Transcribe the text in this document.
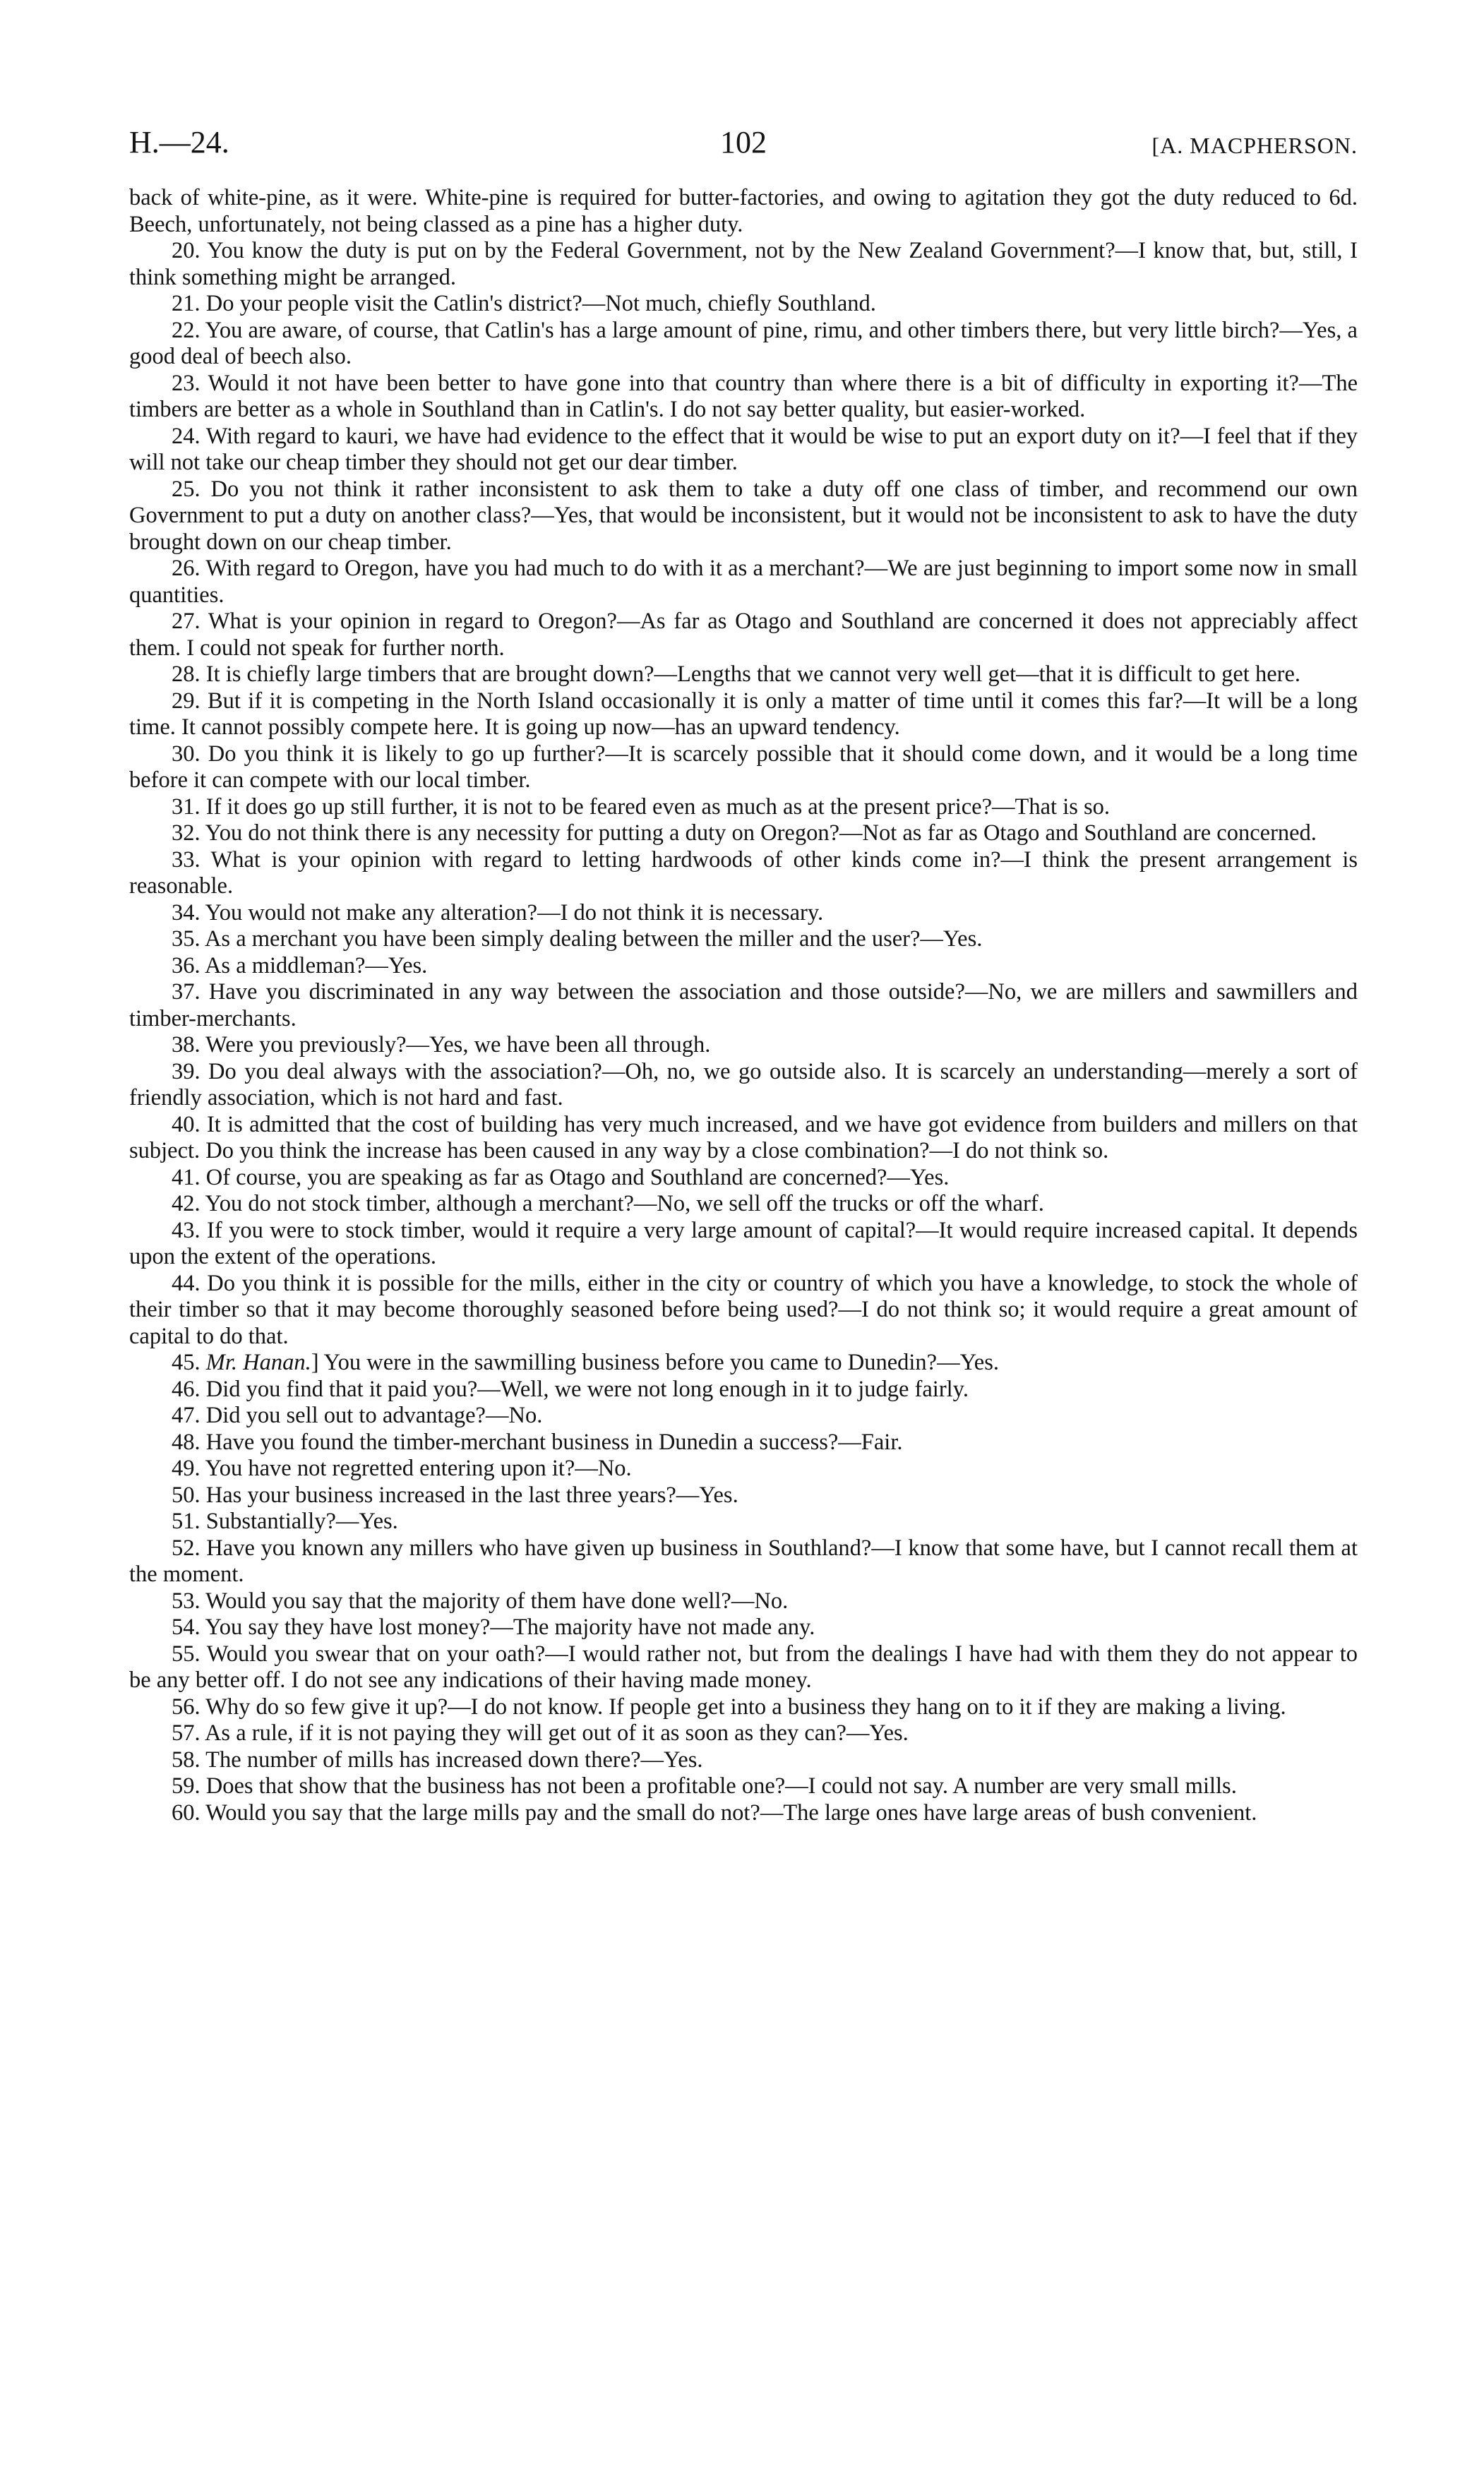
H.—24.	102	[A. MACPHERSON.

back of white-pine, as it were. White-pine is required for butter-factories, and owing to agitation they got the duty reduced to 6d. Beech, unfortunately, not being classed as a pine has a higher duty.

20. You know the duty is put on by the Federal Government, not by the New Zealand Government?—I know that, but, still, I think something might be arranged.

21. Do your people visit the Catlin's district?—Not much, chiefly Southland.

22. You are aware, of course, that Catlin's has a large amount of pine, rimu, and other timbers there, but very little birch?—Yes, a good deal of beech also.

23. Would it not have been better to have gone into that country than where there is a bit of difficulty in exporting it?—The timbers are better as a whole in Southland than in Catlin's. I do not say better quality, but easier-worked.

24. With regard to kauri, we have had evidence to the effect that it would be wise to put an export duty on it?—I feel that if they will not take our cheap timber they should not get our dear timber.

25. Do you not think it rather inconsistent to ask them to take a duty off one class of timber, and recommend our own Government to put a duty on another class?—Yes, that would be inconsistent, but it would not be inconsistent to ask to have the duty brought down on our cheap timber.

26. With regard to Oregon, have you had much to do with it as a merchant?—We are just beginning to import some now in small quantities.

27. What is your opinion in regard to Oregon?—As far as Otago and Southland are concerned it does not appreciably affect them. I could not speak for further north.

28. It is chiefly large timbers that are brought down?—Lengths that we cannot very well get—that it is difficult to get here.

29. But if it is competing in the North Island occasionally it is only a matter of time until it comes this far?—It will be a long time. It cannot possibly compete here. It is going up now—has an upward tendency.

30. Do you think it is likely to go up further?—It is scarcely possible that it should come down, and it would be a long time before it can compete with our local timber.

31. If it does go up still further, it is not to be feared even as much as at the present price?—That is so.

32. You do not think there is any necessity for putting a duty on Oregon?—Not as far as Otago and Southland are concerned.

33. What is your opinion with regard to letting hardwoods of other kinds come in?—I think the present arrangement is reasonable.

34. You would not make any alteration?—I do not think it is necessary.

35. As a merchant you have been simply dealing between the miller and the user?—Yes.

36. As a middleman?—Yes.

37. Have you discriminated in any way between the association and those outside?—No, we are millers and sawmillers and timber-merchants.

38. Were you previously?—Yes, we have been all through.

39. Do you deal always with the association?—Oh, no, we go outside also. It is scarcely an understanding—merely a sort of friendly association, which is not hard and fast.

40. It is admitted that the cost of building has very much increased, and we have got evidence from builders and millers on that subject. Do you think the increase has been caused in any way by a close combination?—I do not think so.

41. Of course, you are speaking as far as Otago and Southland are concerned?—Yes.

42. You do not stock timber, although a merchant?—No, we sell off the trucks or off the wharf.

43. If you were to stock timber, would it require a very large amount of capital?—It would require increased capital. It depends upon the extent of the operations.

44. Do you think it is possible for the mills, either in the city or country of which you have a knowledge, to stock the whole of their timber so that it may become thoroughly seasoned before being used?—I do not think so; it would require a great amount of capital to do that.

45. Mr. Hanan.] You were in the sawmilling business before you came to Dunedin?—Yes.

46. Did you find that it paid you?—Well, we were not long enough in it to judge fairly.

47. Did you sell out to advantage?—No.

48. Have you found the timber-merchant business in Dunedin a success?—Fair.

49. You have not regretted entering upon it?—No.

50. Has your business increased in the last three years?—Yes.

51. Substantially?—Yes.

52. Have you known any millers who have given up business in Southland?—I know that some have, but I cannot recall them at the moment.

53. Would you say that the majority of them have done well?—No.

54. You say they have lost money?—The majority have not made any.

55. Would you swear that on your oath?—I would rather not, but from the dealings I have had with them they do not appear to be any better off. I do not see any indications of their having made money.

56. Why do so few give it up?—I do not know. If people get into a business they hang on to it if they are making a living.

57. As a rule, if it is not paying they will get out of it as soon as they can?—Yes.

58. The number of mills has increased down there?—Yes.

59. Does that show that the business has not been a profitable one?—I could not say. A number are very small mills.

60. Would you say that the large mills pay and the small do not?—The large ones have large areas of bush convenient.
